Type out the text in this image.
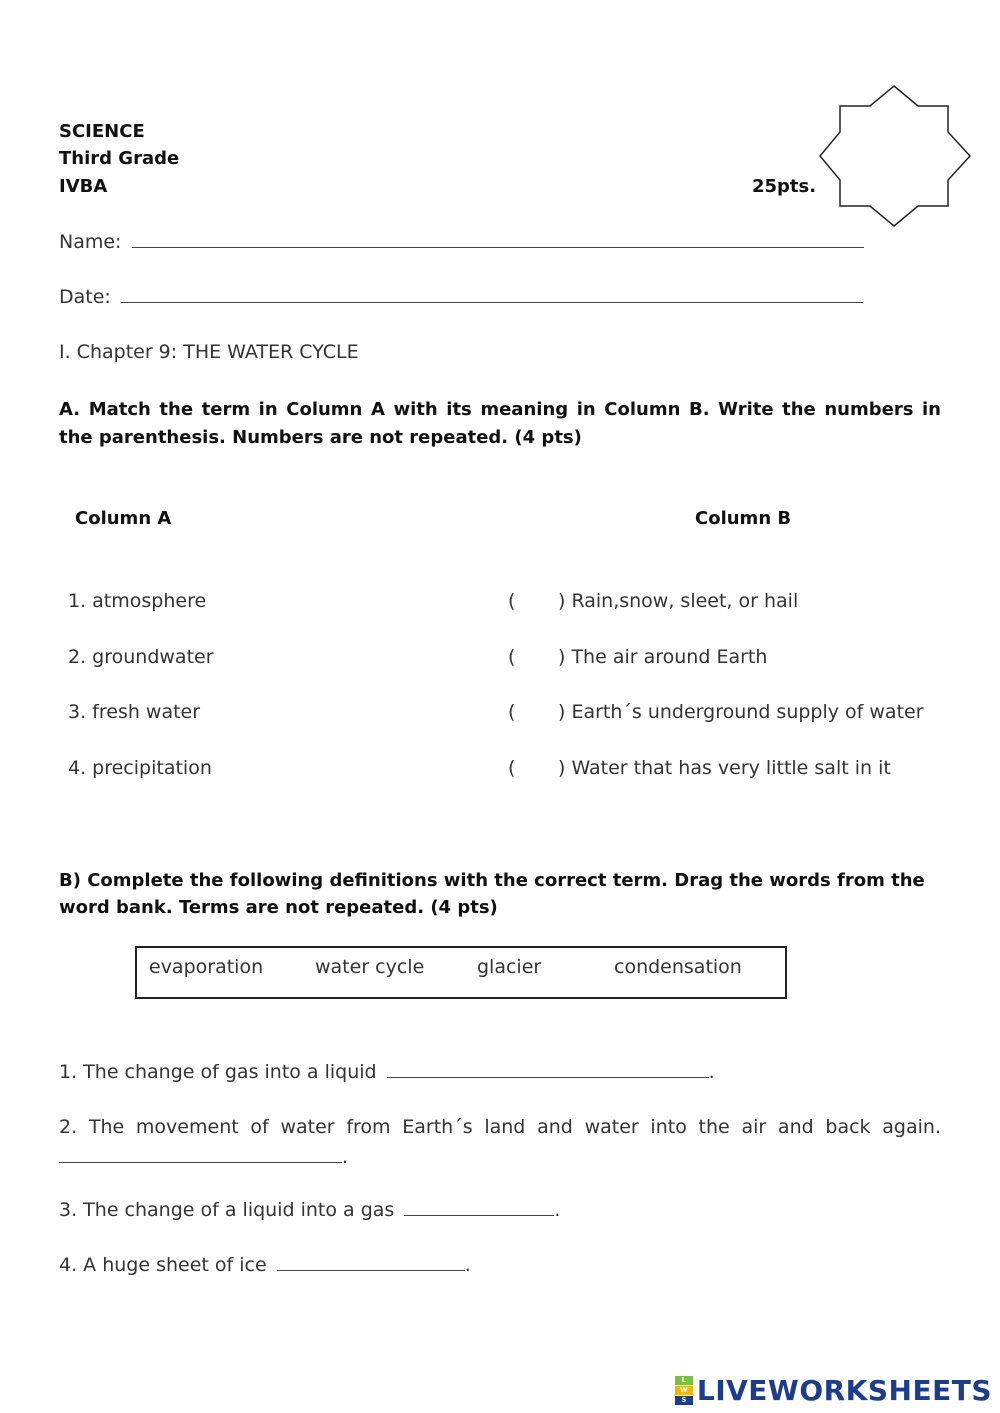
SCIENCE
Third Grade
IVBA	25pts.
Name:
Date:
I. Chapter 9: THE WATER CYCLE
A. Match the term in Column A with its meaning in Column B. Write the numbers in the parenthesis. Numbers are not repeated. (4 pts)
Column A	Column B
1. atmosphere	( ) Rain,snow, sleet, or hail
2. groundwater	( ) The air around Earth
3. fresh water	( ) Earth´s underground supply of water
4. precipitation	( ) Water that has very little salt in it
B) Complete the following definitions with the correct term. Drag the words from the word bank. Terms are not repeated. (4 pts)
evaporation	water cycle	glacier	condensation
1. The change of gas into a liquid	.
2. The movement of water from Earth´s land and water into the air and back again.
.
3. The change of a liquid into a gas	.
4. A huge sheet of ice	.
L
W
S LIVEWORKSHEETS
